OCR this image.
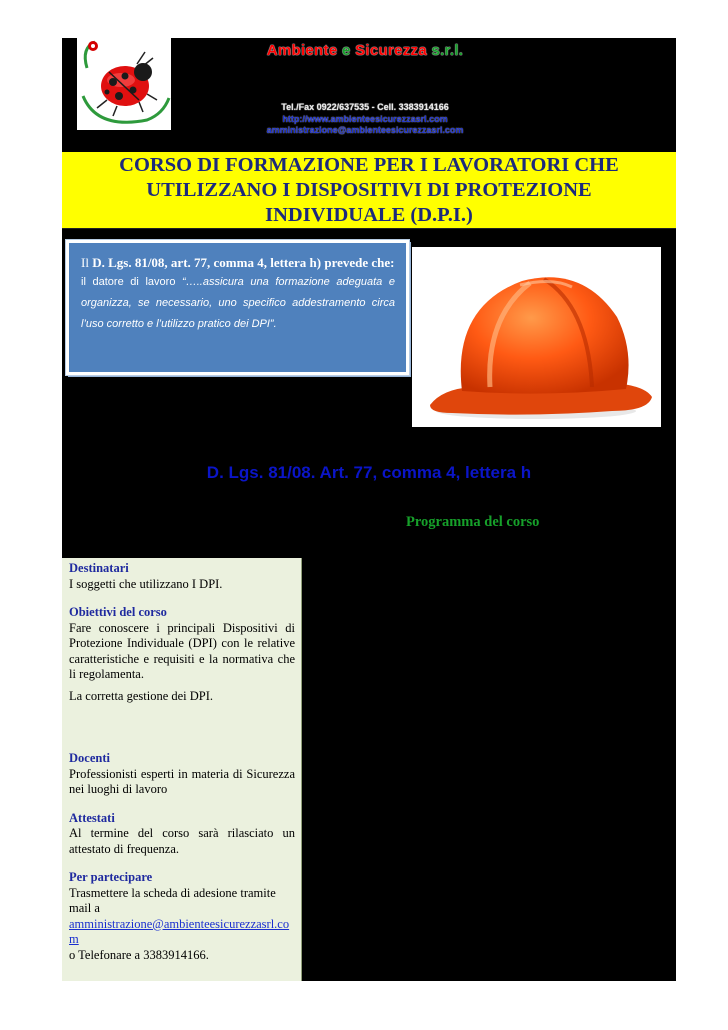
Ambiente e Sicurezza s.r.l.
Tel./Fax 0922/637535 - Cell. 3383914166
http://www.ambienteesicurezzasrl.com
amministrazione@ambienteesicurezzasrl.com

CORSO DI FORMAZIONE PER I LAVORATORI CHE
UTILIZZANO I DISPOSITIVI DI PROTEZIONE
INDIVIDUALE (D.P.I.)

Il D. Lgs. 81/08, art. 77, comma 4, lettera h) prevede che:

il datore di lavoro “…..assicura una formazione adeguata e organizza, se necessario, uno specifico addestramento circa l’uso corretto e l’utilizzo pratico dei DPI”.

D. Lgs. 81/08. Art. 77, comma 4, lettera h
Programma del corso

Destinatari

I soggetti che utilizzano I DPI.

Obiettivi del corso

Fare conoscere i principali Dispositivi di Protezione Individuale (DPI) con le relative caratteristiche e requisiti e la normativa che li regolamenta.

La corretta gestione dei DPI.

Docenti

Professionisti esperti in materia di Sicurezza nei luoghi di lavoro

Attestati

Al termine del corso sarà rilasciato un attestato di frequenza.

Per partecipare

Trasmettere la scheda di adesione tramite mail a

amministrazione@ambienteesicurezzasrl.com

o Telefonare a 3383914166.
